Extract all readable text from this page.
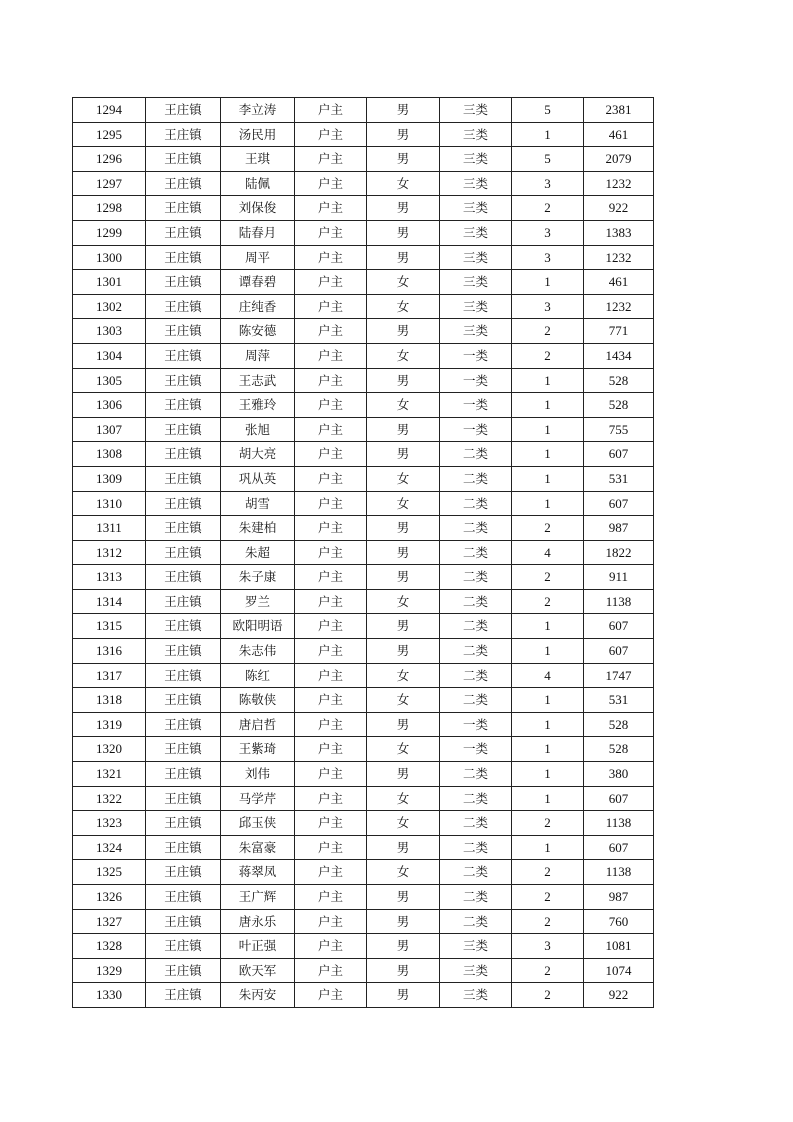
1294	王庄镇	李立涛	户主	男	三类	5	2381
1295	王庄镇	汤民用	户主	男	三类	1	461
1296	王庄镇	王琪	户主	男	三类	5	2079
1297	王庄镇	陆佩	户主	女	三类	3	1232
1298	王庄镇	刘保俊	户主	男	三类	2	922
1299	王庄镇	陆春月	户主	男	三类	3	1383
1300	王庄镇	周平	户主	男	三类	3	1232
1301	王庄镇	谭春碧	户主	女	三类	1	461
1302	王庄镇	庄纯香	户主	女	三类	3	1232
1303	王庄镇	陈安德	户主	男	三类	2	771
1304	王庄镇	周萍	户主	女	一类	2	1434
1305	王庄镇	王志武	户主	男	一类	1	528
1306	王庄镇	王雅玲	户主	女	一类	1	528
1307	王庄镇	张旭	户主	男	一类	1	755
1308	王庄镇	胡大亮	户主	男	二类	1	607
1309	王庄镇	巩从英	户主	女	二类	1	531
1310	王庄镇	胡雪	户主	女	二类	1	607
1311	王庄镇	朱建柏	户主	男	二类	2	987
1312	王庄镇	朱超	户主	男	二类	4	1822
1313	王庄镇	朱子康	户主	男	二类	2	911
1314	王庄镇	罗兰	户主	女	二类	2	1138
1315	王庄镇	欧阳明语	户主	男	二类	1	607
1316	王庄镇	朱志伟	户主	男	二类	1	607
1317	王庄镇	陈红	户主	女	二类	4	1747
1318	王庄镇	陈敬侠	户主	女	二类	1	531
1319	王庄镇	唐启哲	户主	男	一类	1	528
1320	王庄镇	王紫琦	户主	女	一类	1	528
1321	王庄镇	刘伟	户主	男	二类	1	380
1322	王庄镇	马学芹	户主	女	二类	1	607
1323	王庄镇	邱玉侠	户主	女	二类	2	1138
1324	王庄镇	朱富豪	户主	男	二类	1	607
1325	王庄镇	蒋翠凤	户主	女	二类	2	1138
1326	王庄镇	王广辉	户主	男	二类	2	987
1327	王庄镇	唐永乐	户主	男	二类	2	760
1328	王庄镇	叶正强	户主	男	三类	3	1081
1329	王庄镇	欧天军	户主	男	三类	2	1074
1330	王庄镇	朱丙安	户主	男	三类	2	922
